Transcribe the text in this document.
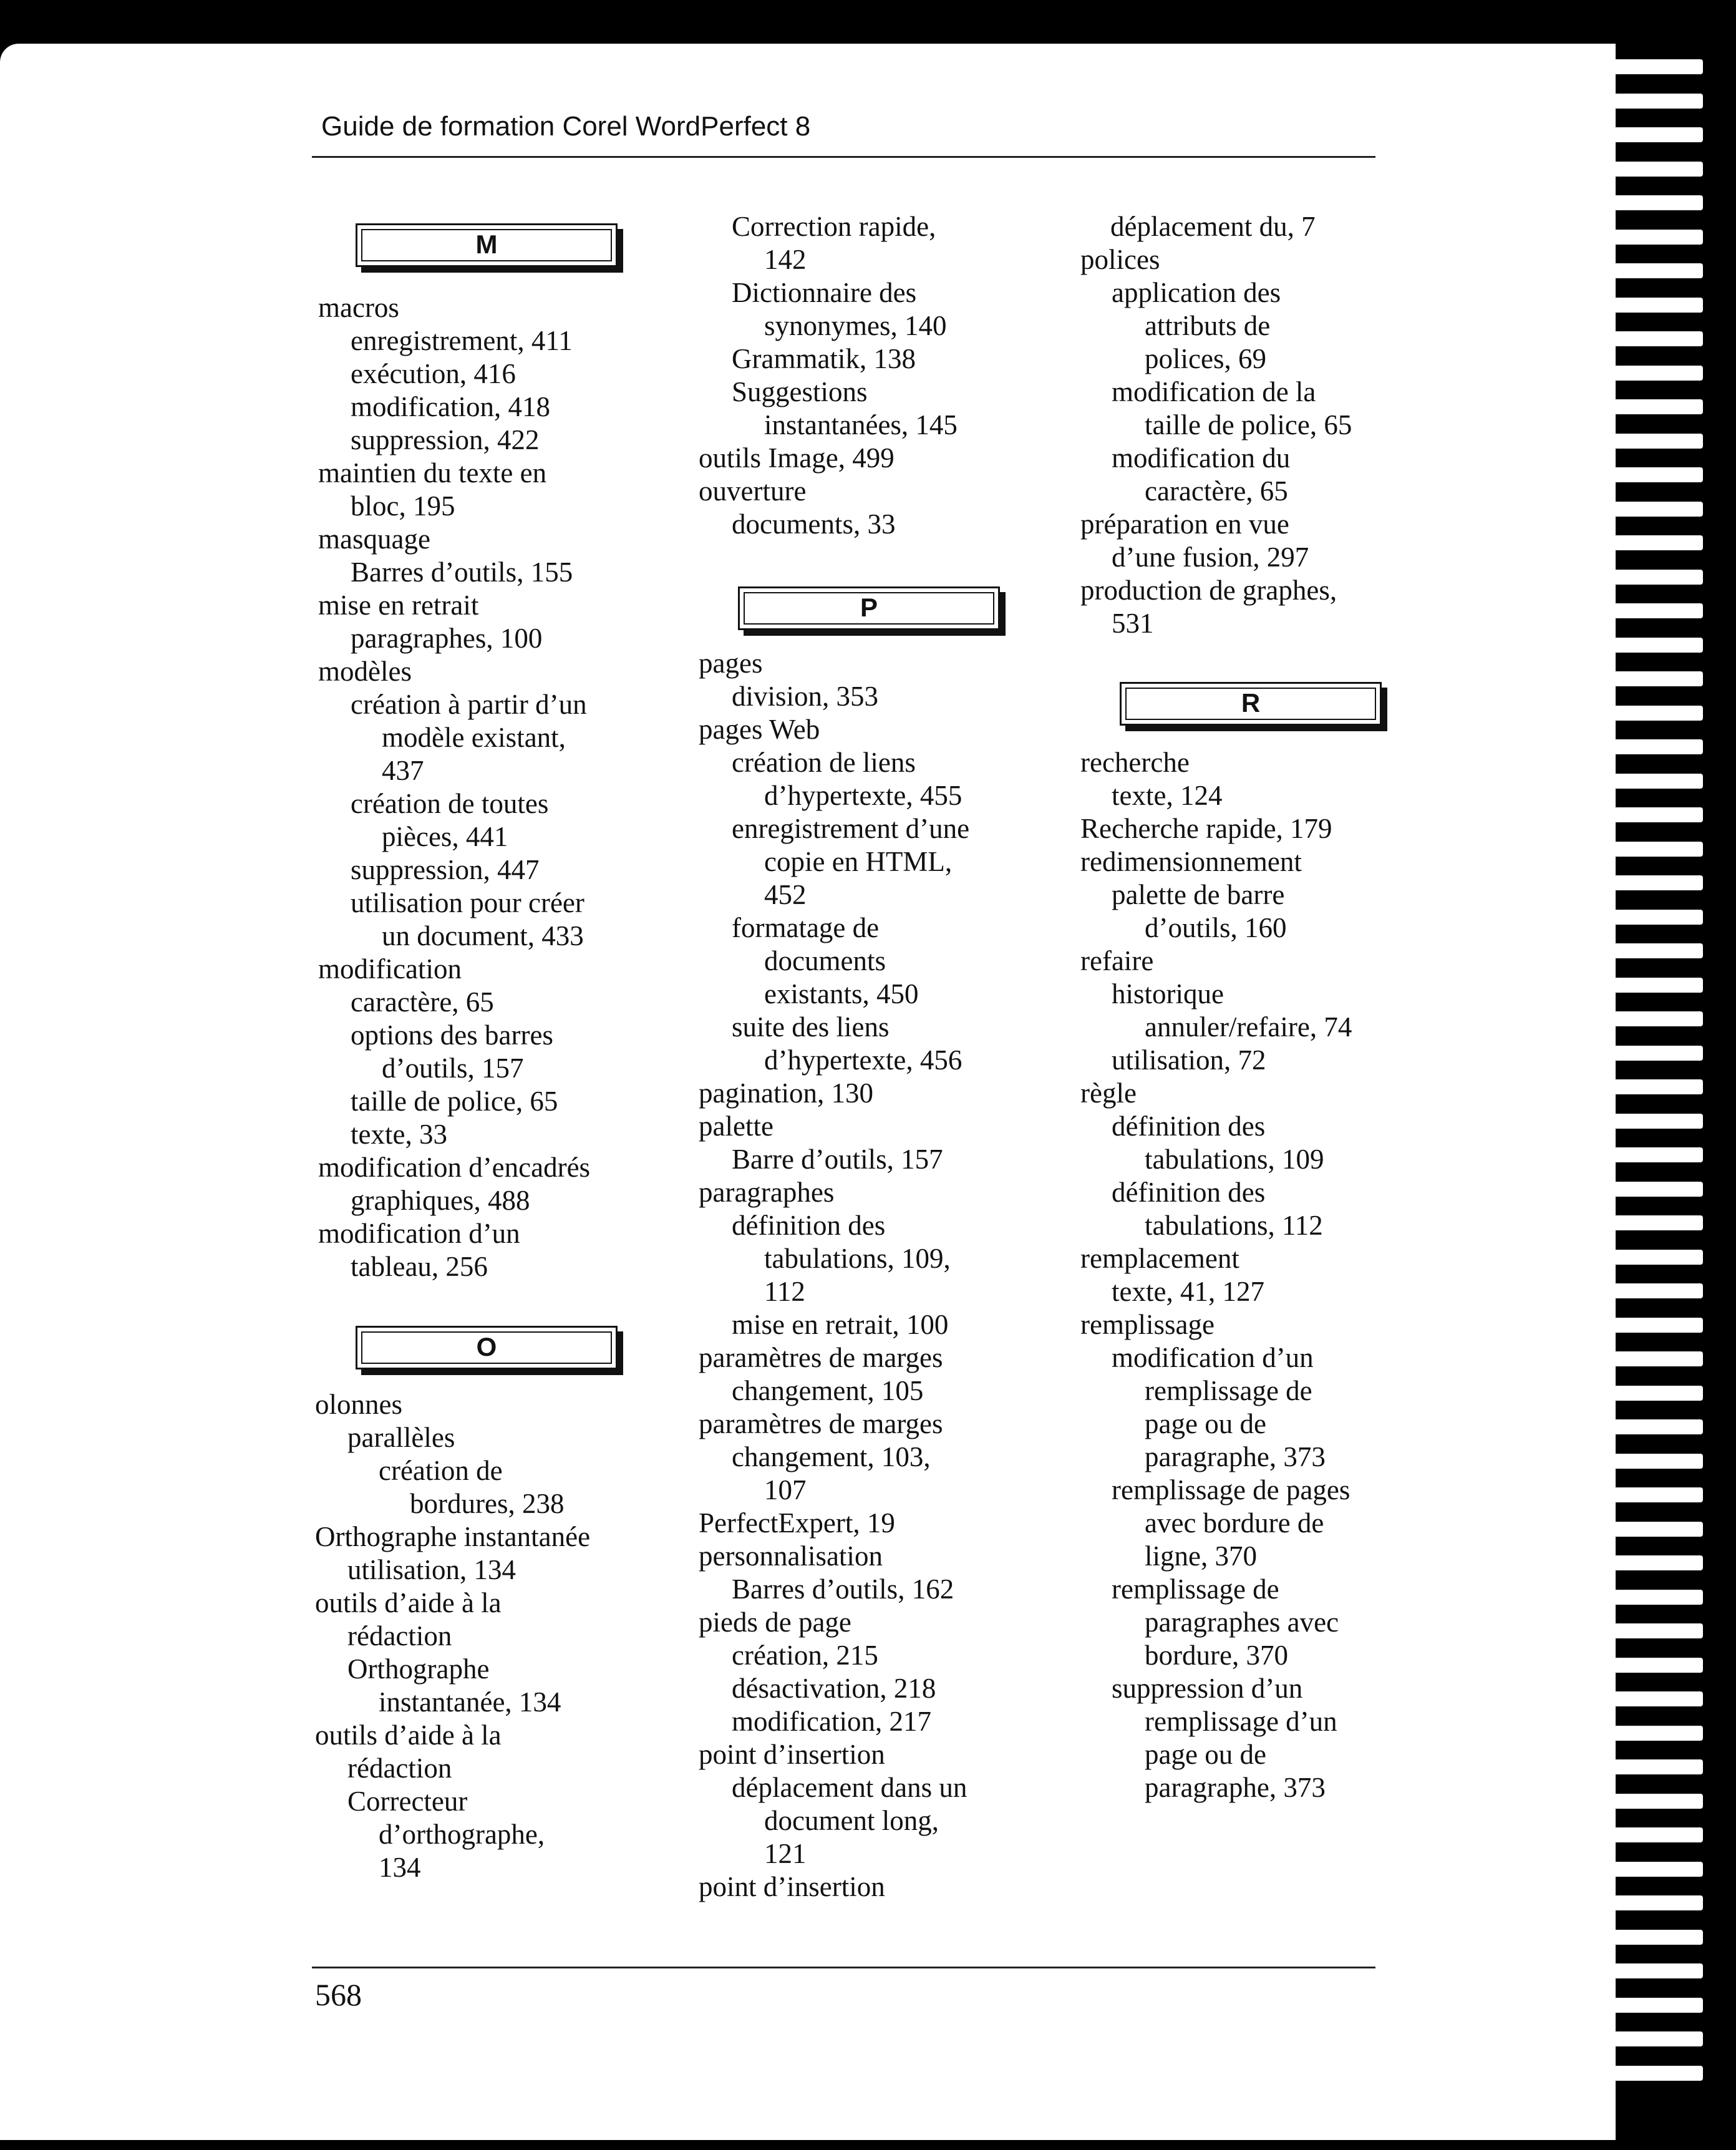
Guide de formation Corel WordPerfect 8
M
O
macros
enregistrement, 411
exécution, 416
modification, 418
suppression, 422
maintien du texte en
bloc, 195
masquage
Barres d’outils, 155
mise en retrait
paragraphes, 100
modèles
création à partir d’un
modèle existant,
437
création de toutes
pièces, 441
suppression, 447
utilisation pour créer
un document, 433
modification
caractère, 65
options des barres
d’outils, 157
taille de police, 65
texte, 33
modification d’encadrés
graphiques, 488
modification d’un
tableau, 256
olonnes
parallèles
création de
bordures, 238
Orthographe instantanée
utilisation, 134
outils d’aide à la
rédaction
Orthographe
instantanée, 134
outils d’aide à la
rédaction
Correcteur
d’orthographe,
134
P
Correction rapide,
142
Dictionnaire des
synonymes, 140
Grammatik, 138
Suggestions
instantanées, 145
outils Image, 499
ouverture
documents, 33
pages
division, 353
pages Web
création de liens
d’hypertexte, 455
enregistrement d’une
copie en HTML,
452
formatage de
documents
existants, 450
suite des liens
d’hypertexte, 456
pagination, 130
palette
Barre d’outils, 157
paragraphes
définition des
tabulations, 109,
112
mise en retrait, 100
paramètres de marges
changement, 105
paramètres de marges
changement, 103,
107
PerfectExpert, 19
personnalisation
Barres d’outils, 162
pieds de page
création, 215
désactivation, 218
modification, 217
point d’insertion
déplacement dans un
document long,
121
point d’insertion
R
déplacement du, 7
polices
application des
attributs de
polices, 69
modification de la
taille de police, 65
modification du
caractère, 65
préparation en vue
d’une fusion, 297
production de graphes,
531
recherche
texte, 124
Recherche rapide, 179
redimensionnement
palette de barre
d’outils, 160
refaire
historique
annuler/refaire, 74
utilisation, 72
règle
définition des
tabulations, 109
définition des
tabulations, 112
remplacement
texte, 41, 127
remplissage
modification d’un
remplissage de
page ou de
paragraphe, 373
remplissage de pages
avec bordure de
ligne, 370
remplissage de
paragraphes avec
bordure, 370
suppression d’un
remplissage d’un
page ou de
paragraphe, 373
568
